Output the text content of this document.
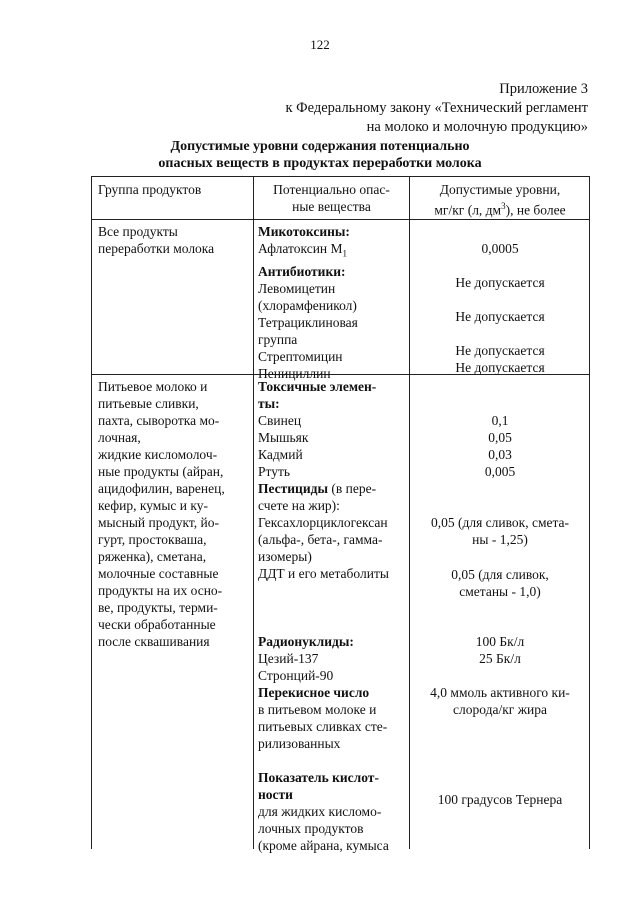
122
Приложение 3
к Федеральному закону «Технический регламент
на молоко и молочную продукцию»
Допустимые уровни содержания потенциально
опасных веществ в продуктах переработки молока
Группа продуктов	Потенциально опас-
ные вещества
Допустимые уровни,
мг/кг (л, $дм^3$), не более
Все продукты
переработки молока
Микотоксины:
Афлатоксин $М_1$
Антибиотики:
Левомицетин
(хлорамфеникол)
Тетрациклиновая
группа
Стрептомицин
Пенициллин
0,0005
Не допускается
Не допускается
Не допускается
Не допускается
Питьевое молоко и
питьевые сливки,
пахта, сыворотка мо-
лочная,
жидкие кисломолоч-
ные продукты (айран,
ацидофилин, варенец,
кефир, кумыс и ку-
мысный продукт, йо-
гурт, простокваша,
ряженка), сметана,
молочные составные
продукты на их осно-
ве, продукты, терми-
чески обработанные
после сквашивания
Токсичные элемен-
ты:
Свинец
Мышьяк
Кадмий
Ртуть
Пестициды (в пере-
счете на жир):
Гексахлорциклогексан
(альфа-, бета-, гамма-
изомеры)
ДДТ и его метаболиты

Радионуклиды:
Цезий-137
Стронций-90
Перекисное число
в питьевом молоке и
питьевых сливках сте-
рилизованных

Показатель кислот-
ности
для жидких кисломо-
лочных продуктов
(кроме айрана, кумыса
0,1
0,05
0,03
0,005
0,05 (для сливок, смета-
ны - 1,25)
0,05 (для сливок,
сметаны - 1,0)
100 Бк/л
25 Бк/л
4,0 ммоль активного ки-
слорода/кг жира
100 градусов Тернера
